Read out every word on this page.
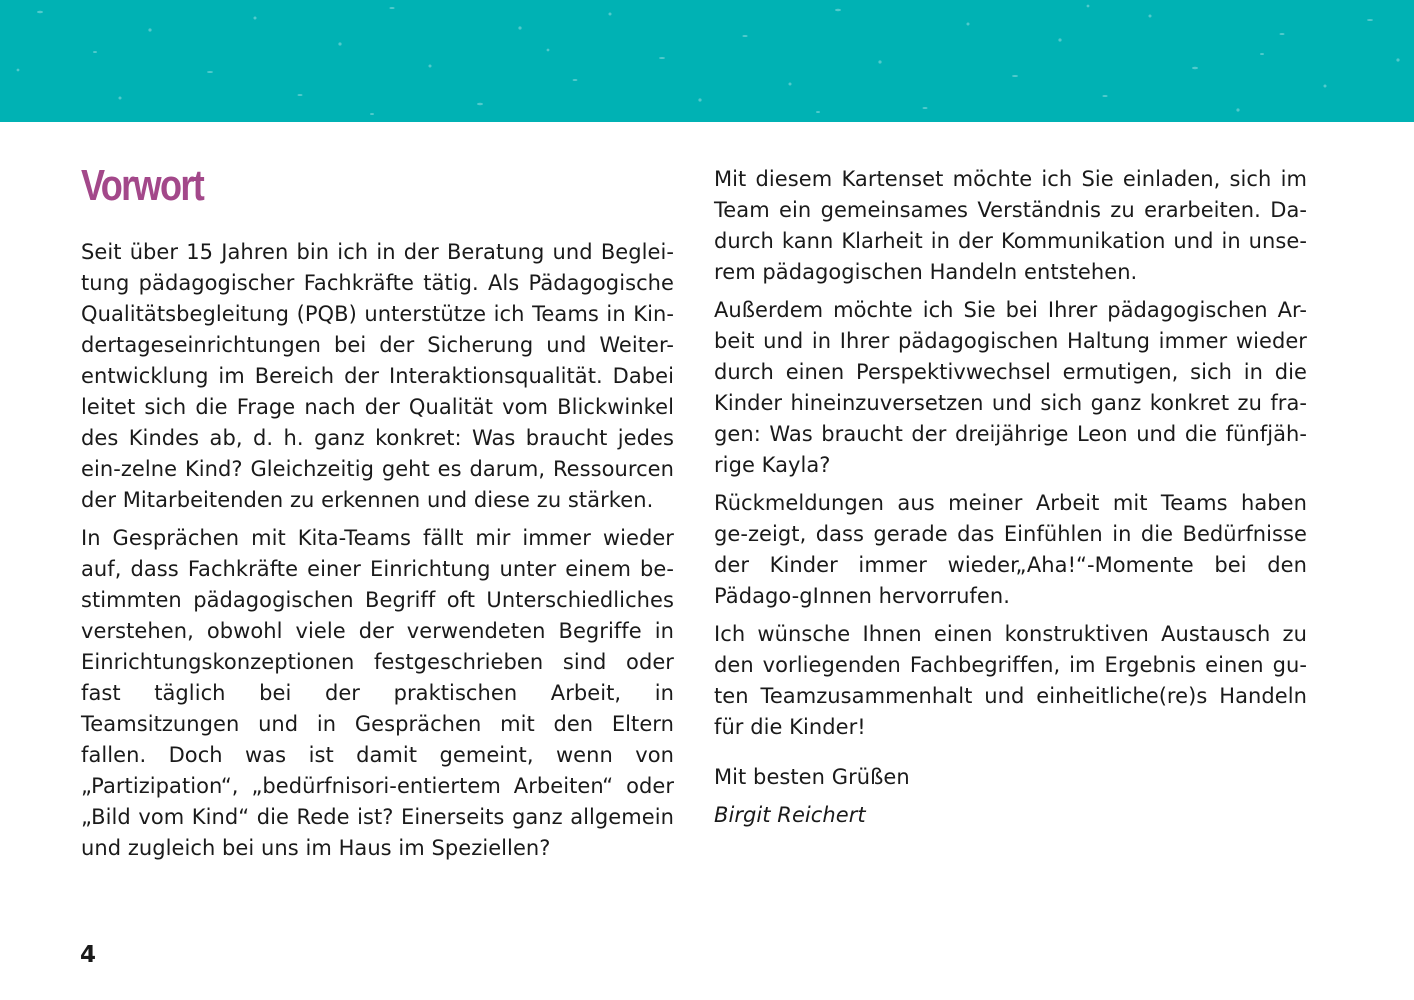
Vorwort

Seit über 15 Jahren bin ich in der Beratung und Beglei-tung pädagogischer Fachkräfte tätig. Als Pädagogische Qualitätsbegleitung (PQB) unterstütze ich Teams in Kin-dertageseinrichtungen bei der Sicherung und Weiter-entwicklung im Bereich der Interaktionsqualität. Dabei leitet sich die Frage nach der Qualität vom Blickwinkel des Kindes ab, d. h. ganz konkret: Was braucht jedes ein-zelne Kind? Gleichzeitig geht es darum, Ressourcen der Mitarbeitenden zu erkennen und diese zu stärken.

In Gesprächen mit Kita-Teams fällt mir immer wieder auf, dass Fachkräfte einer Einrichtung unter einem be-stimmten pädagogischen Begriff oft Unterschiedliches verstehen, obwohl viele der verwendeten Begriffe in Einrichtungskonzeptionen festgeschrieben sind oder fast täglich bei der praktischen Arbeit, in Teamsitzungen und in Gesprächen mit den Eltern fallen. Doch was ist damit gemeint, wenn von „Partizipation“, „bedürfnisori-entiertem Arbeiten“ oder „Bild vom Kind“ die Rede ist? Einerseits ganz allgemein und zugleich bei uns im Haus im Speziellen?

Mit diesem Kartenset möchte ich Sie einladen, sich im Team ein gemeinsames Verständnis zu erarbeiten. Da-durch kann Klarheit in der Kommunikation und in unse-rem pädagogischen Handeln entstehen.

Außerdem möchte ich Sie bei Ihrer pädagogischen Ar-beit und in Ihrer pädagogischen Haltung immer wieder durch einen Perspektivwechsel ermutigen, sich in die Kinder hineinzuversetzen und sich ganz konkret zu fra-gen: Was braucht der dreijährige Leon und die fünfjäh-rige Kayla?

Rückmeldungen aus meiner Arbeit mit Teams haben ge-zeigt, dass gerade das Einfühlen in die Bedürfnisse der Kinder immer wieder„Aha!“-Momente bei den Pädago-gInnen hervorrufen.

Ich wünsche Ihnen einen konstruktiven Austausch zu den vorliegenden Fachbegriffen, im Ergebnis einen gu-ten Teamzusammenhalt und einheitliche(re)s Handeln für die Kinder!

Mit besten Grüßen

Birgit Reichert

4
